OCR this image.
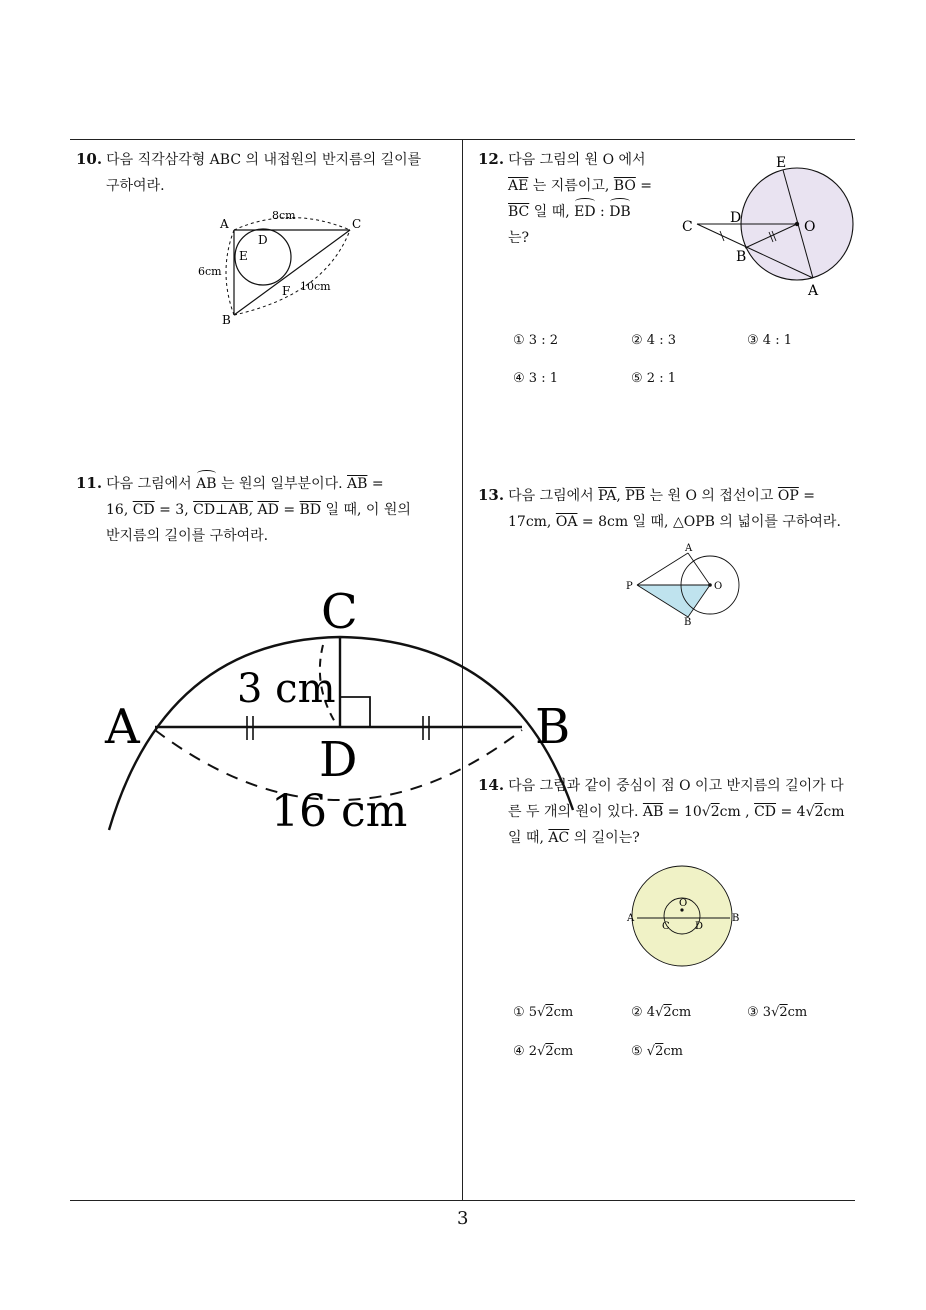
3
10. 다음 직각삼각형 ABC 의 내접원의 반지름의 길이를
구하여라.
A
B
C
D
E
F
8cm
6cm
10cm
11. 다음 그림에서 AB 는 원의 일부분이다. $\overline{AB}$ =
16, $\overline{CD} = 3$, CD⊥AB, $\overline{AD} = \overline{BD}$ 일 때, 이 원의
반지름의 길이를 구하여라.
A	B
C
D
3 cm
16 cm
12. 다음 그림의 원 O 에서
$\overline{AE}$ 는 지름이고, $\overline{BO}$ =
$\overline{BC}$ 일 때, ED : DB
는?
E
D
O
C
B
A
① 3 : 2	② 4 : 3	③ 4 : 1
④ 3 : 1	⑤ 2 : 1
13. 다음 그림에서 $\overline{PA}$, $\overline{PB}$ 는 원 O 의 접선이고 $\overline{OP}$ =
17cm, $\overline{OA} = 8cm$ 일 때, △OPB 의 넓이를 구하여라.
P
A
O
B
14. 다음 그림과 같이 중심이 점 O 이고 반지름의 길이가 다
른 두 개의 원이 있다. $\overline{AB} = 10√2cm$ , $\overline{CD} = 4√2cm$
일 때, $\overline{AC}$ 의 길이는?
O
A	B
C	D
① 5√2cm	② 4√2cm	③ 3√2cm
④ 2√2cm	⑤ √2cm
